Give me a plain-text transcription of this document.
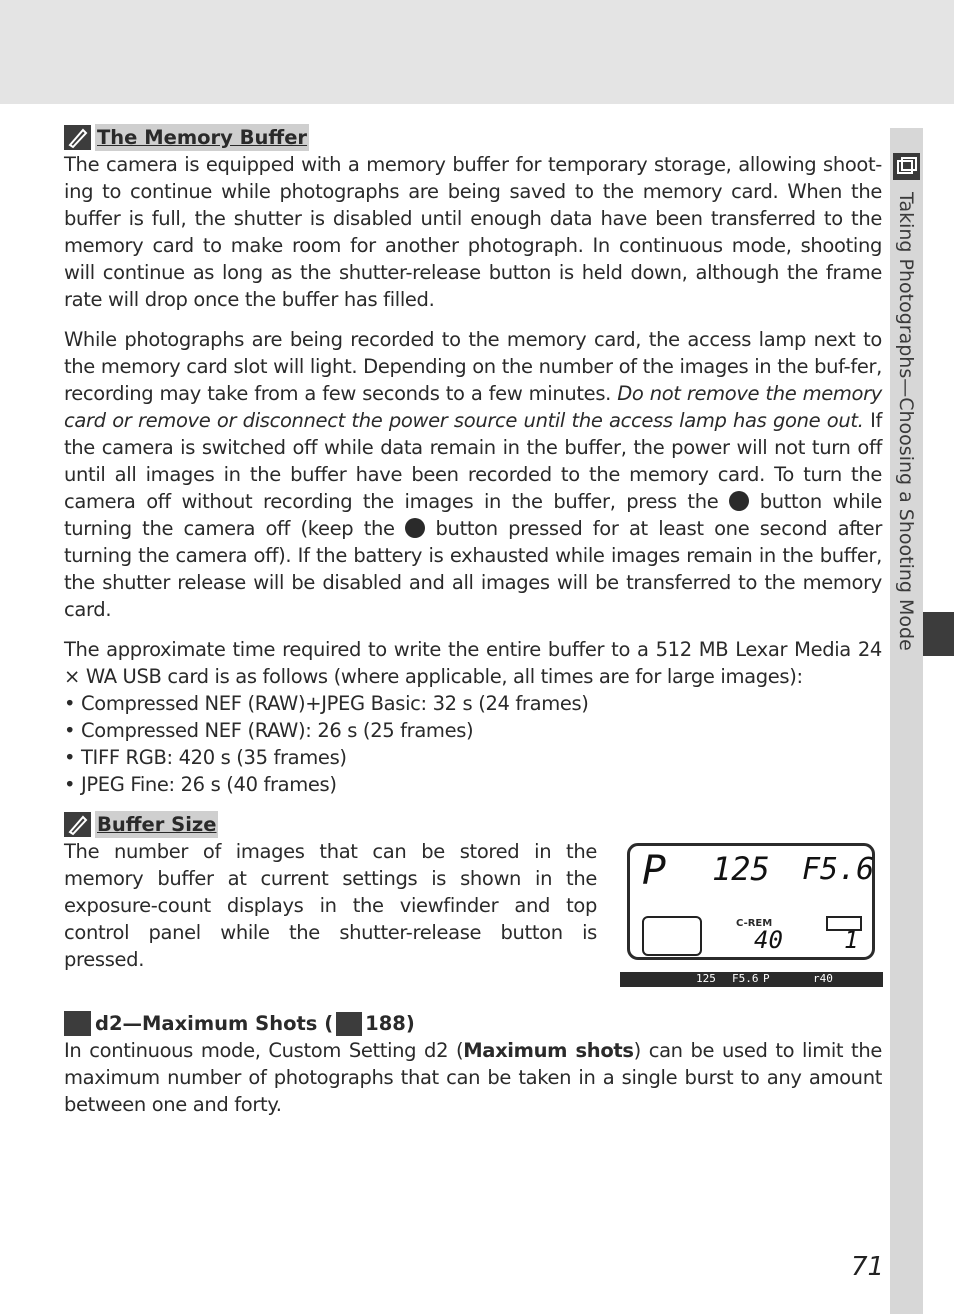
Taking Photographs—Choosing a Shooting Mode
The Memory Buffer

The camera is equipped with a memory buffer for temporary storage, allowing shoot-ing to continue while photographs are being saved to the memory card. When the buffer is full, the shutter is disabled until enough data have been transferred to the memory card to make room for another photograph. In continuous mode, shooting will continue as long as the shutter-release button is held down, although the frame rate will drop once the buffer has filled.

While photographs are being recorded to the memory card, the access lamp next to the memory card slot will light. Depending on the number of the images in the buf-fer, recording may take from a few seconds to a few minutes. Do not remove the memory card or remove or disconnect the power source until the access lamp has gone out. If the camera is switched off while data remain in the buffer, the power will not turn off until all images in the buffer have been recorded to the memory card. To turn the camera off without recording the images in the buffer, press the button while turning the camera off (keep the button pressed for at least one second after turning the camera off). If the battery is exhausted while images remain in the buffer, the shutter release will be disabled and all images will be transferred to the memory card.

The approximate time required to write the entire buffer to a 512 MB Lexar Media 24 × WA USB card is as follows (where applicable, all times are for large images):

• Compressed NEF (RAW)+JPEG Basic: 32 s (24 frames)
• Compressed NEF (RAW): 26 s (25 frames)
• TIFF RGB: 420 s (35 frames)
• JPEG Fine: 26 s (40 frames)
Buffer Size

The number of images that can be stored in the memory buffer at current settings is shown in the exposure-count displays in the viewfinder and top control panel while the shutter-release button is pressed.

P 125 F5.6
C-REM
40	1
125 F5.6 P	r40
d2—Maximum Shots ( 188)

In continuous mode, Custom Setting d2 (Maximum shots) can be used to limit the maximum number of photographs that can be taken in a single burst to any amount between one and forty.

71
